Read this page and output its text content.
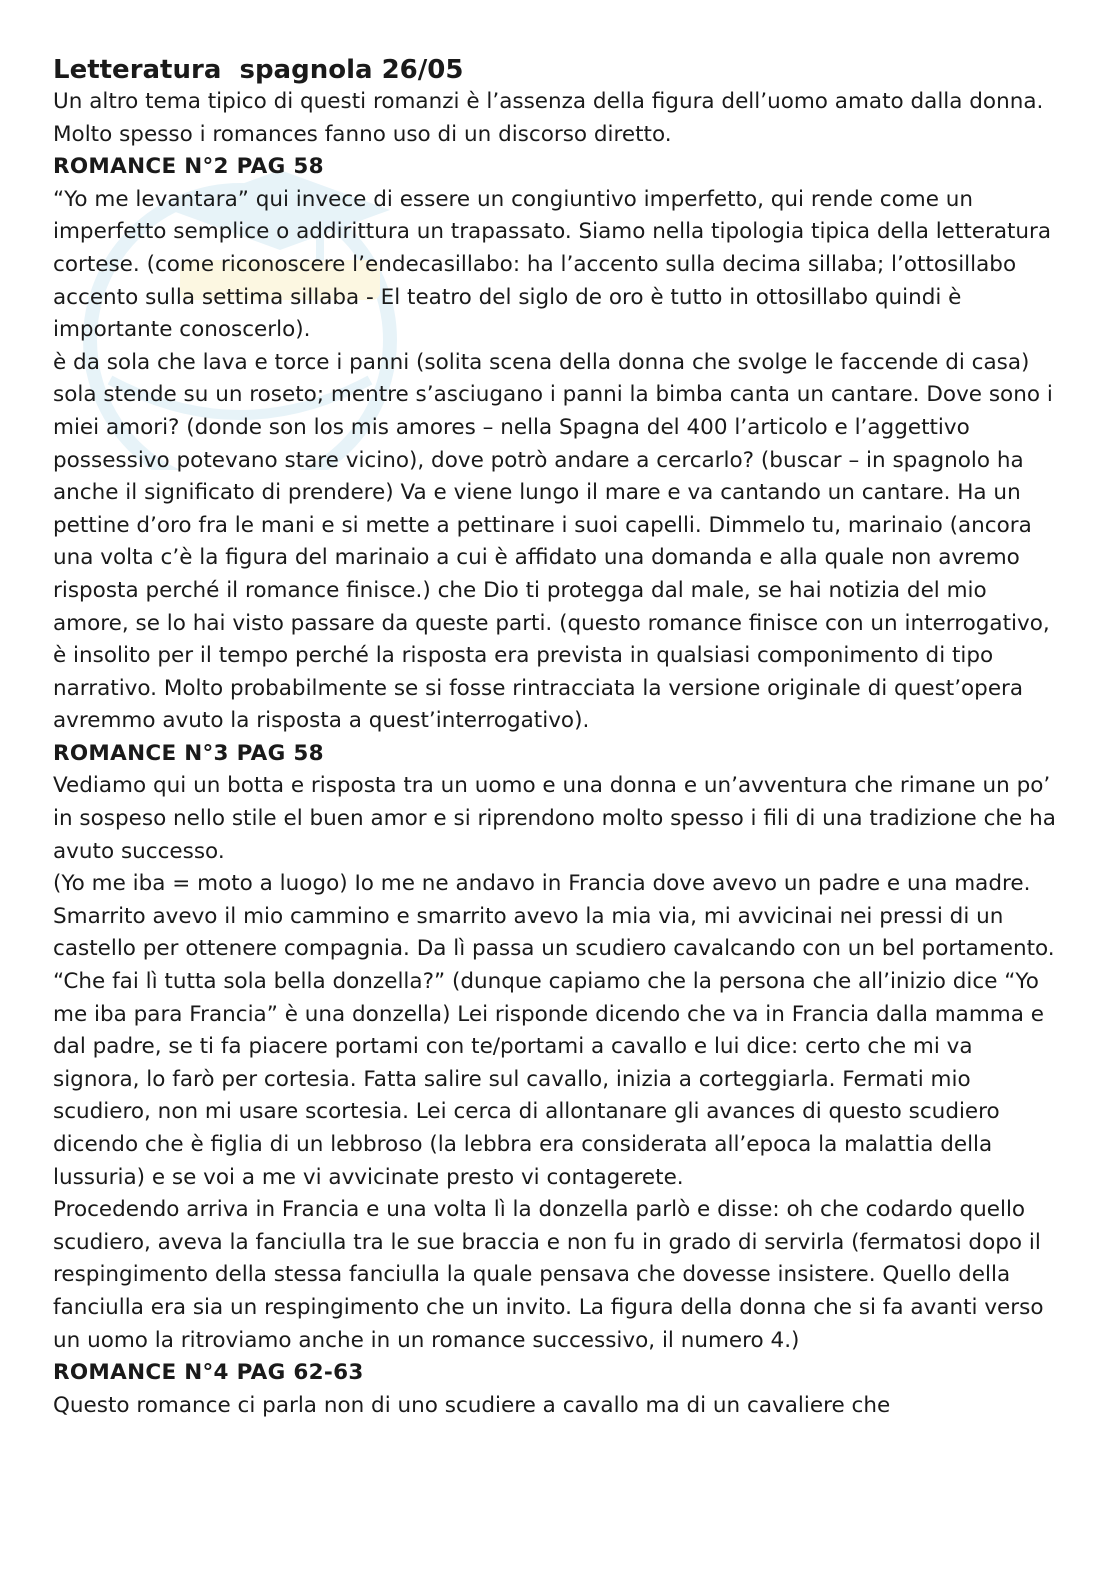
Letteratura  spagnola 26/05

Un altro tema tipico di questi romanzi è l’assenza della figura dell’uomo amato dalla donna. Molto spesso i romances fanno uso di un discorso diretto.

ROMANCE N°2 PAG 58

“Yo me levantara” qui invece di essere un congiuntivo imperfetto, qui rende come un imperfetto semplice o addirittura un trapassato. Siamo nella tipologia tipica della letteratura cortese. (come riconoscere l’endecasillabo: ha l’accento sulla decima sillaba; l’ottosillabo accento sulla settima sillaba - El teatro del siglo de oro è tutto in ottosillabo quindi è importante conoscerlo).

è da sola che lava e torce i panni (solita scena della donna che svolge le faccende di casa) sola stende su un roseto; mentre s’asciugano i panni la bimba canta un cantare. Dove sono i miei amori? (donde son los mis amores – nella Spagna del 400 l’articolo e l’aggettivo possessivo potevano stare vicino), dove potrò andare a cercarlo? (buscar – in spagnolo ha anche il significato di prendere) Va e viene lungo il mare e va cantando un cantare. Ha un pettine d’oro fra le mani e si mette a pettinare i suoi capelli. Dimmelo tu, marinaio (ancora una volta c’è la figura del marinaio a cui è affidato una domanda e alla quale non avremo risposta perché il romance finisce.) che Dio ti protegga dal male, se hai notizia del mio amore, se lo hai visto passare da queste parti. (questo romance finisce con un interrogativo, è insolito per il tempo perché la risposta era prevista in qualsiasi componimento di tipo narrativo. Molto probabilmente se si fosse rintracciata la versione originale di quest’opera avremmo avuto la risposta a quest’interrogativo).

ROMANCE N°3 PAG 58

Vediamo qui un botta e risposta tra un uomo e una donna e un’avventura che rimane un po’ in sospeso nello stile el buen amor e si riprendono molto spesso i fili di una tradizione che ha avuto successo.

(Yo me iba = moto a luogo) Io me ne andavo in Francia dove avevo un padre e una madre. Smarrito avevo il mio cammino e smarrito avevo la mia via, mi avvicinai nei pressi di un castello per ottenere compagnia. Da lì passa un scudiero cavalcando con un bel portamento. “Che fai lì tutta sola bella donzella?” (dunque capiamo che la persona che all’inizio dice “Yo me iba para Francia” è una donzella) Lei risponde dicendo che va in Francia dalla mamma e dal padre, se ti fa piacere portami con te/portami a cavallo e lui dice: certo che mi va signora, lo farò per cortesia. Fatta salire sul cavallo, inizia a corteggiarla. Fermati mio scudiero, non mi usare scortesia. Lei cerca di allontanare gli avances di questo scudiero dicendo che è figlia di un lebbroso (la lebbra era considerata all’epoca la malattia della lussuria) e se voi a me vi avvicinate presto vi contagerete.

Procedendo arriva in Francia e una volta lì la donzella parlò e disse: oh che codardo quello scudiero, aveva la fanciulla tra le sue braccia e non fu in grado di servirla (fermatosi dopo il respingimento della stessa fanciulla la quale pensava che dovesse insistere. Quello della fanciulla era sia un respingimento che un invito. La figura della donna che si fa avanti verso un uomo la ritroviamo anche in un romance successivo, il numero 4.)

ROMANCE N°4 PAG 62-63

Questo romance ci parla non di uno scudiere a cavallo ma di un cavaliere che
